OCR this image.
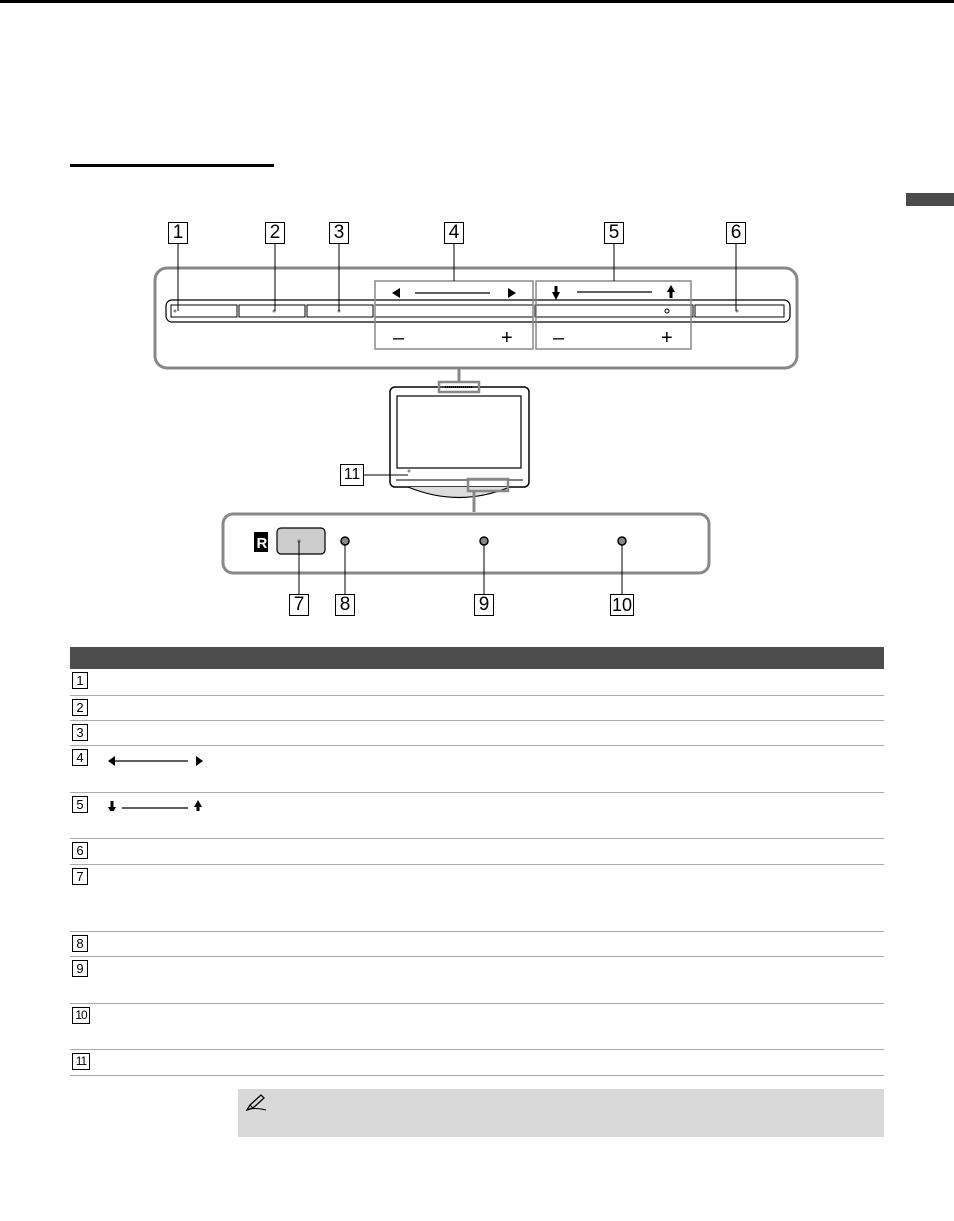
R
–	+ –	+
1	2	3	4	5	6
11
7 8	9	10
1
2
3
4
5
6
7
8
9
10
11
